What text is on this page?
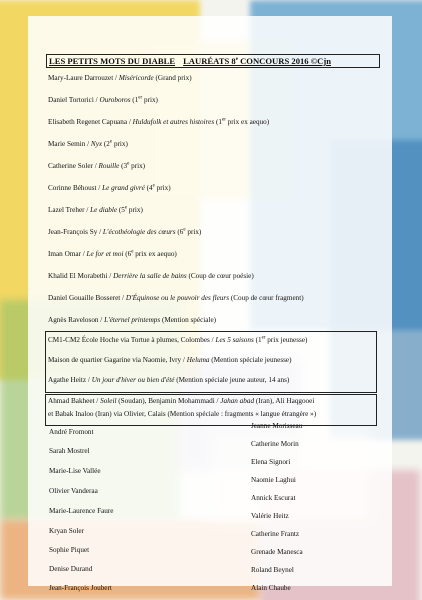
LES PETITS MOTS DU DIABLE LAURÉATS 8e CONCOURS 2016 ©Cjn
Mary-Laure Darrouzet / Miséricorde (Grand prix)
Daniel Tortorici / Ouroboros (1er prix)
Elisabeth Regenet Capuana / Huldufolk et autres histoires (1er prix ex aequo)
Marie Semin / Nyx (2e prix)
Catherine Soler / Rouille (3e prix)
Corinne Béhoust / Le grand givré (4e prix)
Lazel Treher / Le diable (5e prix)
Jean-François Sy / L'écothéologie des cœurs (6e prix)
Iman Omar / Le for et moi (6e prix ex aequo)
Khalid El Morabethi / Derrière la salle de bains (Coup de cœur poésie)
Daniel Gouaille Bosseret / D'Équinose ou le pouvoir des fleurs (Coup de cœur fragment)
Agnès Raveloson / L'éternel printemps (Mention spéciale)
CM1-CM2 École Hoche via Tortue à plumes, Colombes / Les 5 saisons (1er prix jeunesse)
Maison de quartier Gagarine via Naomie, Ivry / Heluma (Mention spéciale jeunesse)
Agathe Heitz / Un jour d'hiver ou bien d'été (Mention spéciale jeune auteur, 14 ans)
Ahmad Bakheet / Soleil (Soudan), Benjamin Mohammadi / Jahan abad (Iran), Ali Haqgooei
et Babak Inaloo (Iran) via Olivier, Calais (Mention spéciale : fragments « langue étrangère »)
André Fromont
Sarah Mostrel
Marie-Lise Vallée
Olivier Vanderaa
Marie-Laurence Faure
Kryan Soler
Sophie Piquet
Denise Durand
Jean-François Joubert
Jeanne Morisseau
Catherine Morin
Elena Signori
Naomie Laghui
Annick Escurat
Valérie Heitz
Catherine Frantz
Grenade Manesca
Roland Beynel
Alain Chaube
